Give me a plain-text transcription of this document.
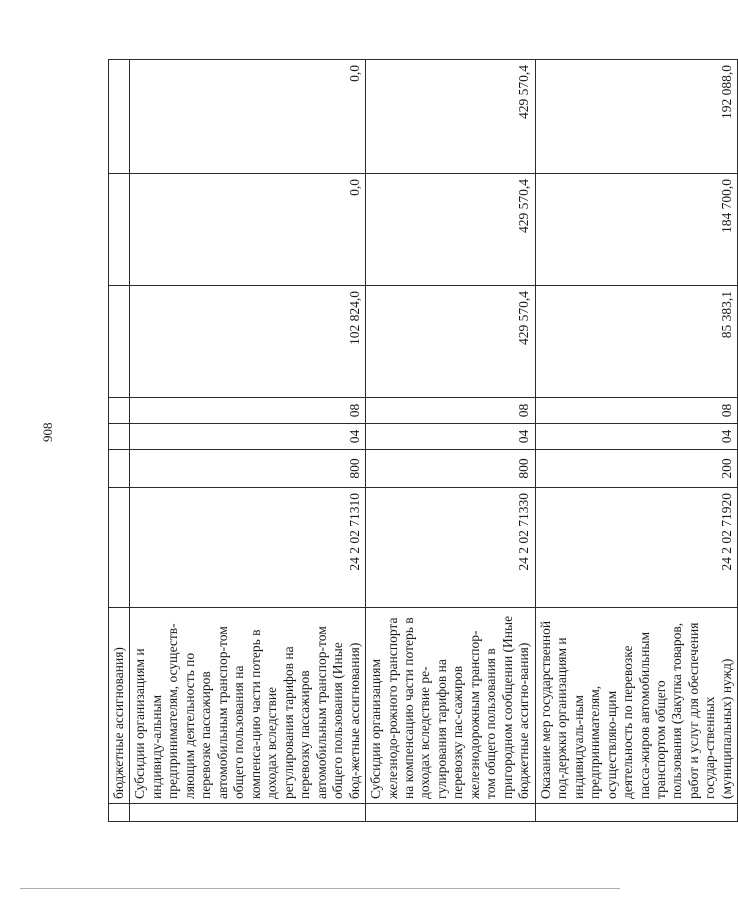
908
	бюджетные ассигнования)							
	Субсидии организациям и индивиду-альным предпринимателям, осуществ-ляющим деятельность по перевозке пассажиров автомобильным транспор-том общего пользования на компенса-цию части потерь в доходах вследствие регулирования тарифов на перевозку пассажиров автомобильным транспор-том общего пользования (Иные бюд-жетные ассигнования)	24 2 02 71310	800	04	08	102 824,0	0,0	0,0
	Субсидии организациям железнодо-рожного транспорта на компенсацию части потерь в доходах вследствие ре-гулирования тарифов на перевозку пас-сажиров железнодорожным транспор-том общего пользования в пригородном сообщении (Иные бюджетные ассигно-вания)	24 2 02 71330	800	04	08	429 570,4	429 570,4	429 570,4
	Оказание мер государственной под-держки организациям и индивидуаль-ным предпринимателям, осуществляю-щим деятельность по перевозке пасса-жиров автомобильным транспортом общего пользования (Закупка товаров, работ и услуг для обеспечения государ-ственных (муниципальных) нужд)	24 2 02 71920	200	04	08	85 383,1	184 700,0	192 088,0
